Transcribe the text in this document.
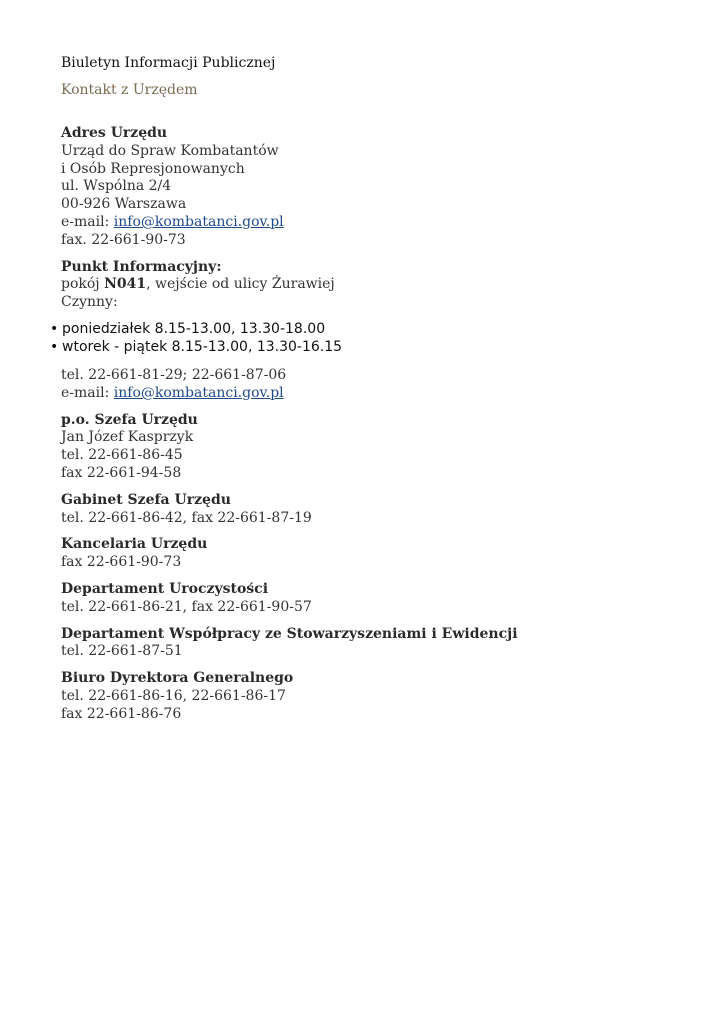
Biuletyn Informacji Publicznej
Kontakt z Urzędem
Adres Urzędu
Urząd do Spraw Kombatantów
i Osób Represjonowanych
ul. Wspólna 2/4
00-926 Warszawa
e-mail: info@kombatanci.gov.pl
fax. 22-661-90-73
Punkt Informacyjny:
pokój N041, wejście od ulicy Żurawiej
Czynny:
• poniedziałek 8.15-13.00, 13.30-18.00
• wtorek - piątek 8.15-13.00, 13.30-16.15
tel. 22-661-81-29; 22-661-87-06
e-mail: info@kombatanci.gov.pl
p.o. Szefa Urzędu
Jan Józef Kasprzyk
tel. 22-661-86-45
fax 22-661-94-58
Gabinet Szefa Urzędu
tel. 22-661-86-42, fax 22-661-87-19
Kancelaria Urzędu
fax 22-661-90-73
Departament Uroczystości
tel. 22-661-86-21, fax 22-661-90-57
Departament Współpracy ze Stowarzyszeniami i Ewidencji
tel. 22-661-87-51
Biuro Dyrektora Generalnego
tel. 22-661-86-16, 22-661-86-17
fax 22-661-86-76
